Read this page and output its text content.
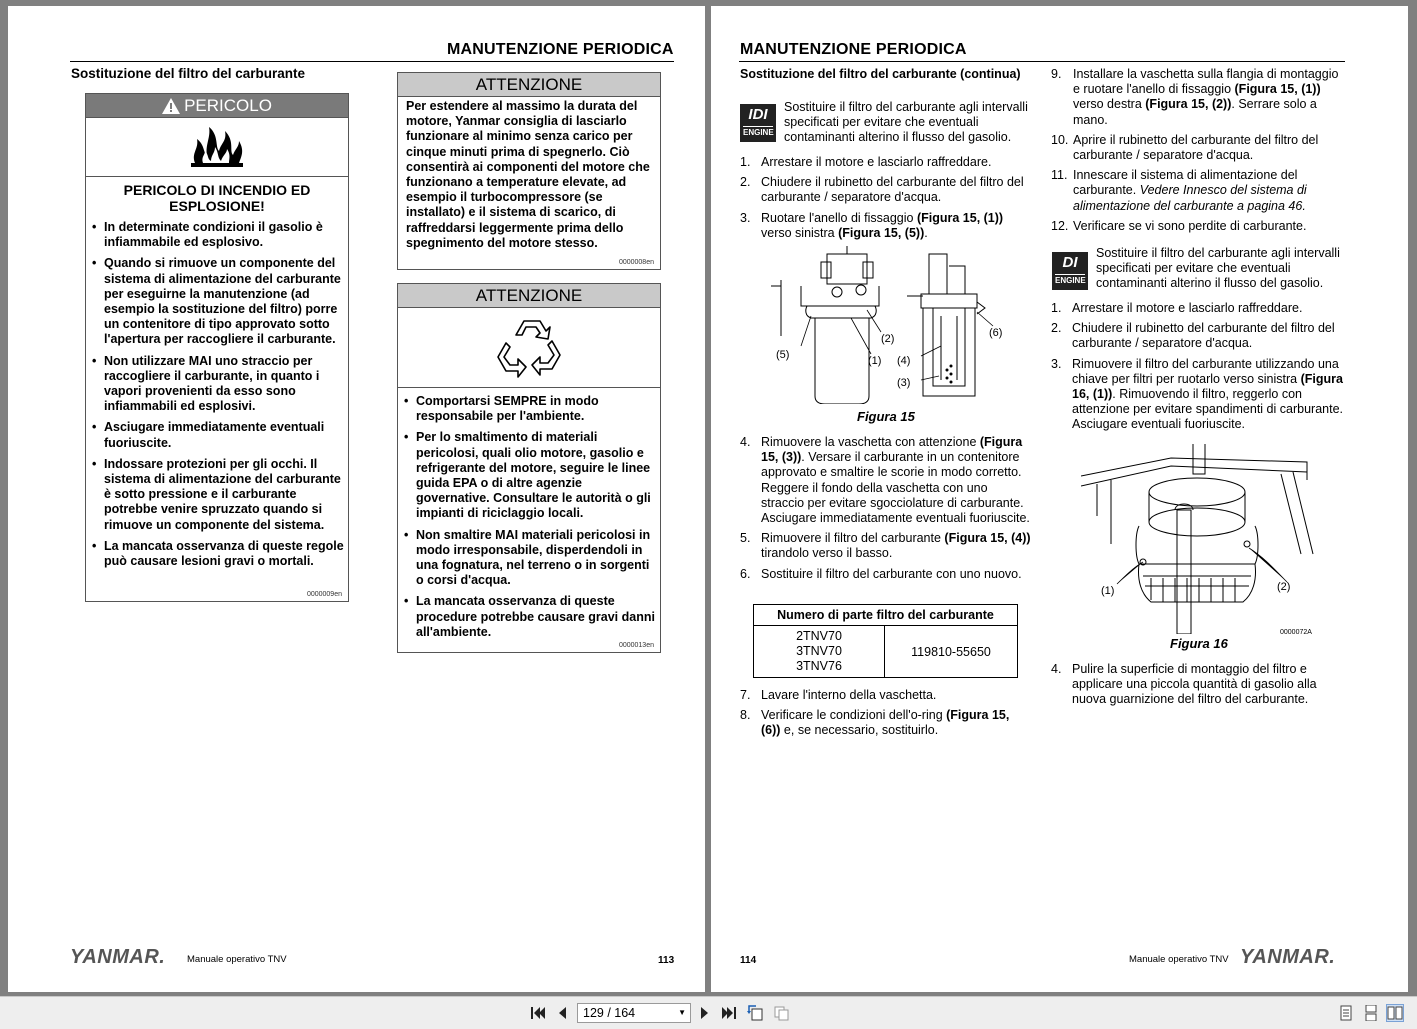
MANUTENZIONE PERIODICA
Sostituzione del filtro del carburante
PERICOLO
PERICOLO DI INCENDIO ED ESPLOSIONE!
• In determinate condizioni il gasolio è infiammabile ed esplosivo.
• Quando si rimuove un componente del sistema di alimentazione del carburante per eseguirne la manutenzione (ad esempio la sostituzione del filtro) porre un contenitore di tipo approvato sotto l'apertura per raccogliere il carburante.
• Non utilizzare MAI uno straccio per raccogliere il carburante, in quanto i vapori provenienti da esso sono infiammabili ed esplosivi.
• Asciugare immediatamente eventuali fuoriuscite.
• Indossare protezioni per gli occhi. Il sistema di alimentazione del carburante è sotto pressione e il carburante potrebbe venire spruzzato quando si rimuove un componente del sistema.
• La mancata osservanza di queste regole può causare lesioni gravi o mortali.
0000009en
ATTENZIONE
Per estendere al massimo la durata del motore, Yanmar consiglia di lasciarlo funzionare al minimo senza carico per cinque minuti prima di spegnerlo. Ciò consentirà ai componenti del motore che funzionano a temperature elevate, ad esempio il turbocompressore (se installato) e il sistema di scarico, di raffreddarsi leggermente prima dello spegnimento del motore stesso.
0000008en
ATTENZIONE
• Comportarsi SEMPRE in modo responsabile per l'ambiente.
• Per lo smaltimento di materiali pericolosi, quali olio motore, gasolio e refrigerante del motore, seguire le linee guida EPA o di altre agenzie governative. Consultare le autorità o gli impianti di riciclaggio locali.
• Non smaltire MAI materiali pericolosi in modo irresponsabile, disperdendoli in una fognatura, nel terreno o in sorgenti o corsi d'acqua.
• La mancata osservanza di queste procedure potrebbe causare gravi danni all'ambiente.
0000013en
YANMAR. Manuale operativo TNV	113
MANUTENZIONE PERIODICA
Sostituzione del filtro del carburante (continua)
IDI
ENGINE
Sostituire il filtro del carburante agli intervalli specificati per evitare che eventuali contaminanti alterino il flusso del gasolio.
1. Arrestare il motore e lasciarlo raffreddare.
2. Chiudere il rubinetto del carburante del filtro del carburante / separatore d'acqua.
3. Ruotare l'anello di fissaggio (Figura 15, (1)) verso sinistra (Figura 15, (5)).
(5)	(1)
(2)
(4)
(3)
(6)
Figura 15
4. Rimuovere la vaschetta con attenzione (Figura 15, (3)). Versare il carburante in un contenitore approvato e smaltire le scorie in modo corretto. Reggere il fondo della vaschetta con uno straccio per evitare sgocciolature di carburante. Asciugare immediatamente eventuali fuoriuscite.
5. Rimuovere il filtro del carburante (Figura 15, (4)) tirandolo verso il basso.
6. Sostituire il filtro del carburante con uno nuovo.
Numero di parte filtro del carburante

2TNV70
3TNV70
3TNV76
	119810-55650
7. Lavare l'interno della vaschetta.
8. Verificare le condizioni dell'o-ring (Figura 15, (6)) e, se necessario, sostituirlo.
9. Installare la vaschetta sulla flangia di montaggio e ruotare l'anello di fissaggio (Figura 15, (1)) verso destra (Figura 15, (2)). Serrare solo a mano.
10. Aprire il rubinetto del carburante del filtro del carburante / separatore d'acqua.
11. Innescare il sistema di alimentazione del carburante. Vedere Innesco del sistema di alimentazione del carburante a pagina 46.
12. Verificare se vi sono perdite di carburante.
DI
ENGINE
Sostituire il filtro del carburante agli intervalli specificati per evitare che eventuali contaminanti alterino il flusso del gasolio.
1. Arrestare il motore e lasciarlo raffreddare.
2. Chiudere il rubinetto del carburante del filtro del carburante / separatore d'acqua.
3. Rimuovere il filtro del carburante utilizzando una chiave per filtri per ruotarlo verso sinistra (Figura 16, (1)). Rimuovendo il filtro, reggerlo con attenzione per evitare spandimenti di carburante. Asciugare eventuali fuoriuscite.
(1)	(2)
0000072A
Figura 16
4. Pulire la superficie di montaggio del filtro e applicare una piccola quantità di gasolio alla nuova guarnizione del filtro del carburante.
114	Manuale operativo TNV YANMAR.
129 / 164	▼
